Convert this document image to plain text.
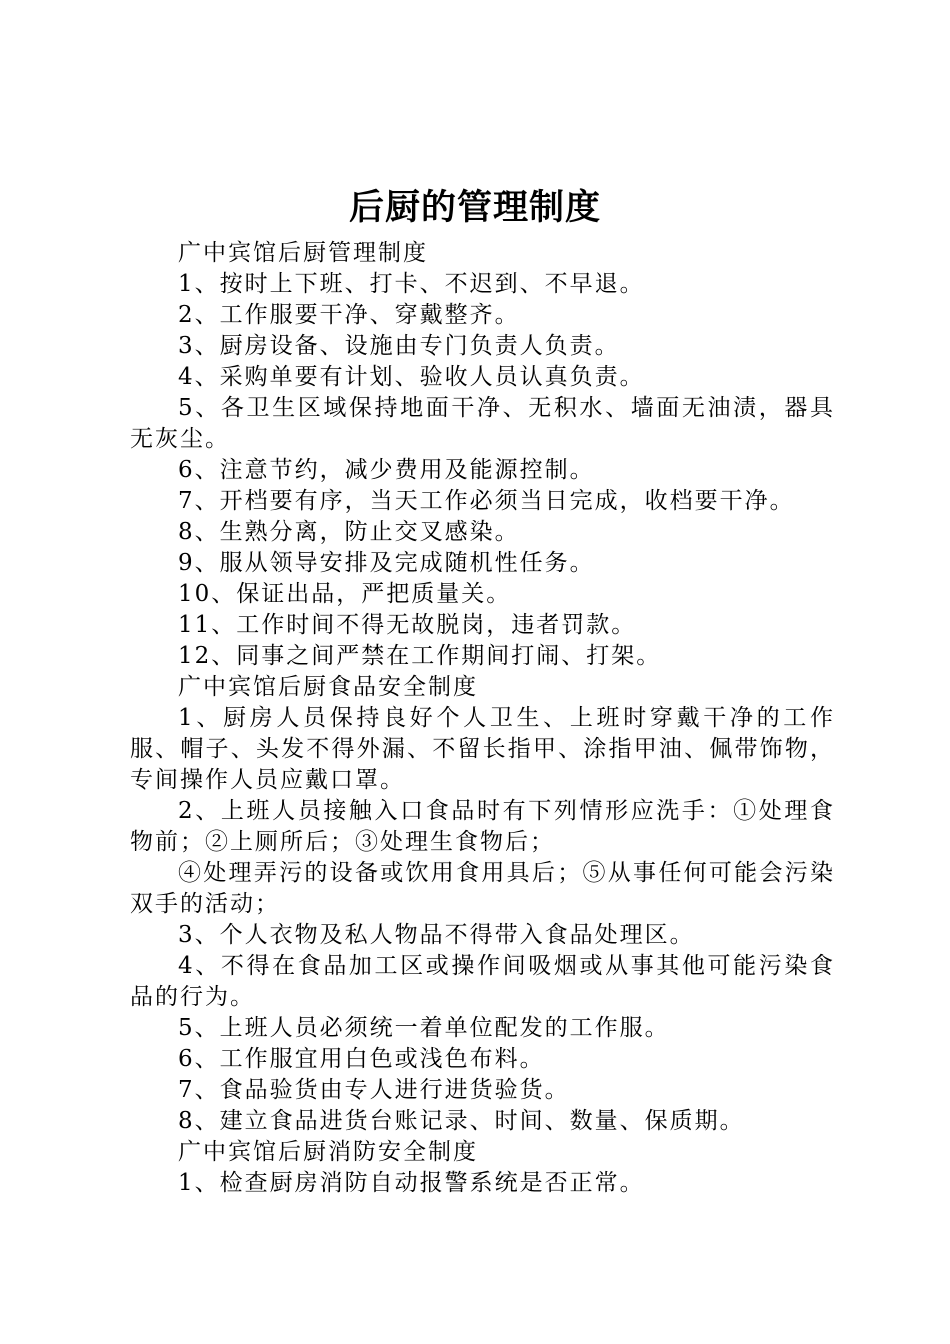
后厨的管理制度

广中宾馆后厨管理制度

1、按时上下班、打卡、不迟到、不早退。

2、工作服要干净、穿戴整齐。

3、厨房设备、设施由专门负责人负责。

4、采购单要有计划、验收人员认真负责。

5、各卫生区域保持地面干净、无积水、墙面无油渍，器具无灰尘。

6、注意节约，减少费用及能源控制。

7、开档要有序，当天工作必须当日完成，收档要干净。

8、生熟分离，防止交叉感染。

9、服从领导安排及完成随机性任务。

10、保证出品，严把质量关。

11、工作时间不得无故脱岗，违者罚款。

12、同事之间严禁在工作期间打闹、打架。

广中宾馆后厨食品安全制度

1、厨房人员保持良好个人卫生、上班时穿戴干净的工作服、帽子、头发不得外漏、不留长指甲、涂指甲油、佩带饰物，专间操作人员应戴口罩。

2、上班人员接触入口食品时有下列情形应洗手：①处理食物前；②上厕所后；③处理生食物后；

④处理弄污的设备或饮用食用具后；⑤从事任何可能会污染双手的活动；

3、个人衣物及私人物品不得带入食品处理区。

4、不得在食品加工区或操作间吸烟或从事其他可能污染食品的行为。

5、上班人员必须统一着单位配发的工作服。

6、工作服宜用白色或浅色布料。

7、食品验货由专人进行进货验货。

8、建立食品进货台账记录、时间、数量、保质期。

广中宾馆后厨消防安全制度

1、检查厨房消防自动报警系统是否正常。
